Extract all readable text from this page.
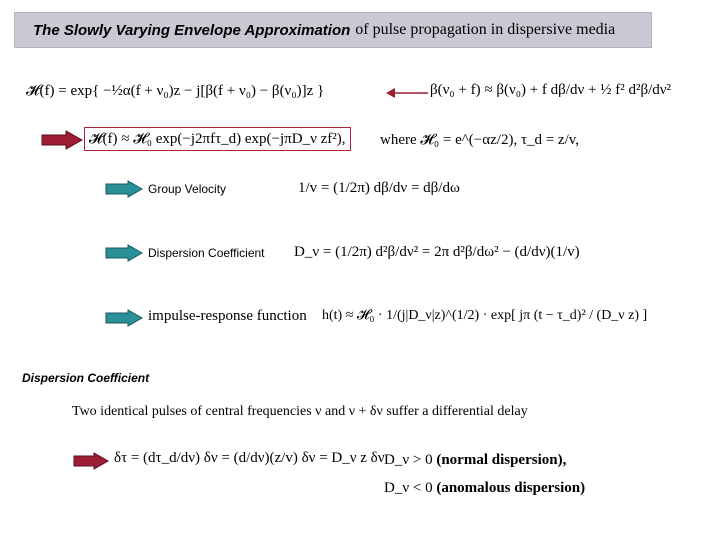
The Slowly Varying Envelope Approximation of pulse propagation in dispersive media
𝓗(f) = exp{ −½α(f + ν₀)z − j[β(f + ν₀) − β(ν₀)]z }	β(ν₀ + f) ≈ β(ν₀) + f dβ/dν + ½ f² d²β/dν²
𝓗(f) ≈ 𝓗₀ exp(−j2πfτ_d) exp(−jπD_ν zf²),	where 𝓗₀ = e^(−αz/2), τ_d = z/v,
Group Velocity	1/v = (1/2π) dβ/dν = dβ/dω
Dispersion Coefficient D_ν = (1/2π) d²β/dν² = 2π d²β/dω² − (d/dν)(1/v)
impulse-response function h(t) ≈ 𝓗₀ · 1/(j|D_ν|z)^(1/2) · exp[ jπ (t − τ_d)² / (D_ν z) ]
Dispersion Coefficient
Two identical pulses of central frequencies ν and ν + δν suffer a differential delay
δτ = (dτ_d/dν) δν = (d/dν)(z/v) δν = D_ν z δν D_ν > 0 (normal dispersion),
D_ν < 0 (anomalous dispersion)
